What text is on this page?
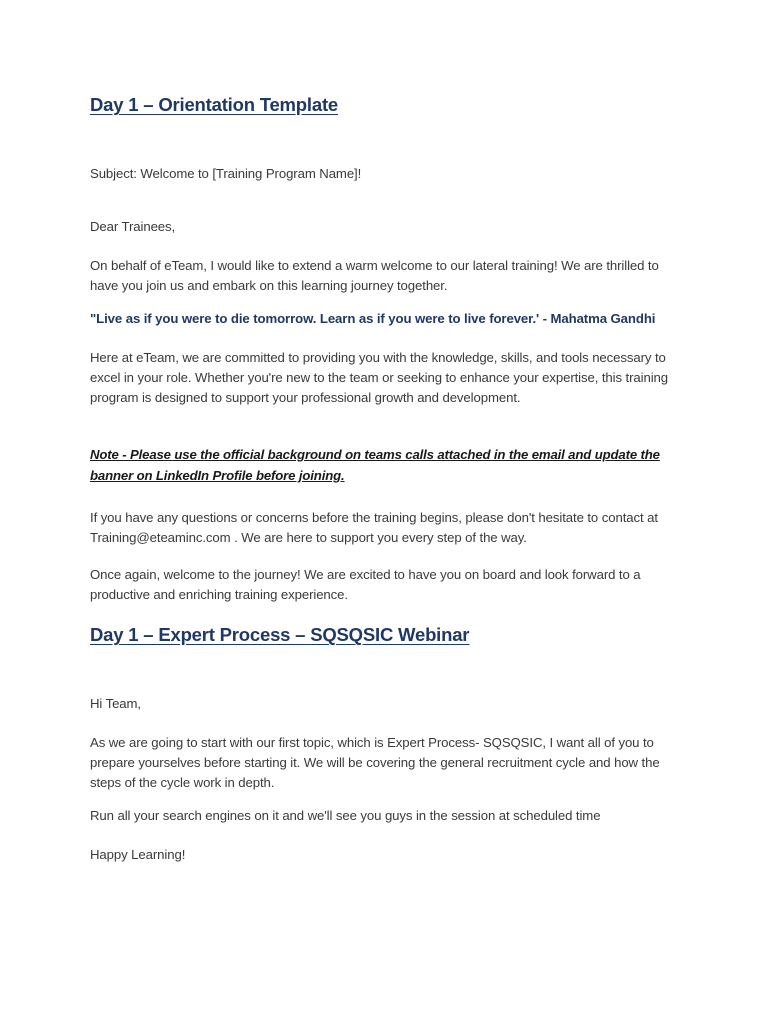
Day 1 – Orientation Template
Subject: Welcome to [Training Program Name]!
Dear Trainees,
On behalf of eTeam, I would like to extend a warm welcome to our lateral training! We are thrilled to have you join us and embark on this learning journey together.
"Live as if you were to die tomorrow. Learn as if you were to live forever.' - Mahatma Gandhi
Here at eTeam, we are committed to providing you with the knowledge, skills, and tools necessary to excel in your role. Whether you're new to the team or seeking to enhance your expertise, this training program is designed to support your professional growth and development.
Note - Please use the official background on teams calls attached in the email and update the banner on LinkedIn Profile before joining.
If you have any questions or concerns before the training begins, please don't hesitate to contact at Training@eteaminc.com . We are here to support you every step of the way.
Once again, welcome to the journey! We are excited to have you on board and look forward to a productive and enriching training experience.
Day 1 – Expert Process – SQSQSIC Webinar
Hi Team,
As we are going to start with our first topic, which is Expert Process- SQSQSIC, I want all of you to prepare yourselves before starting it. We will be covering the general recruitment cycle and how the steps of the cycle work in depth.
Run all your search engines on it and we'll see you guys in the session at scheduled time
Happy Learning!
